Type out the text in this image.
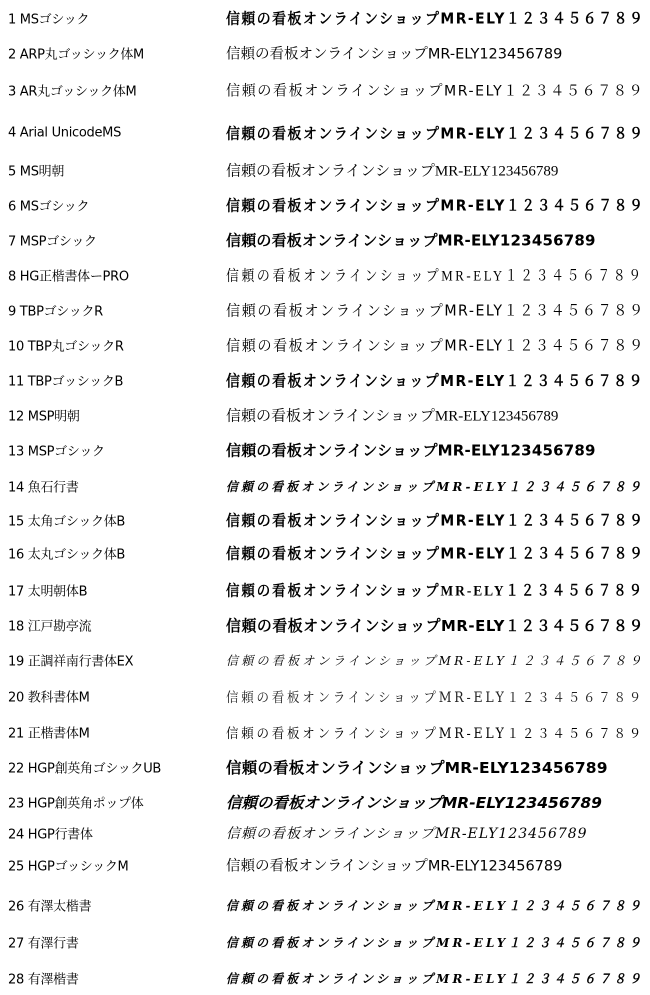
1 MSゴシック	信頼の看板オンラインショップMR-ELY１２３４５６７８９
2 ARP丸ゴッシック体M	信頼の看板オンラインショップMR-ELY123456789
3 AR丸ゴッシック体M	信頼の看板オンラインショップMR-ELY１２３４５６７８９
4 Arial UnicodeMS	信頼の看板オンラインショップMR-ELY１２３４５６７８９
5 MS明朝	信頼の看板オンラインショップMR-ELY123456789
6 MSゴシック	信頼の看板オンラインショップMR-ELY１２３４５６７８９
7 MSPゴシック	信頼の看板オンラインショップMR-ELY123456789
8 HG正楷書体ーPRO	信頼の看板オンラインショップMR-ELY１２３４５６７８９
9 TBPゴシックR	信頼の看板オンラインショップMR-ELY１２３４５６７８９
10 TBP丸ゴシックR	信頼の看板オンラインショップMR-ELY１２３４５６７８９
11 TBPゴッシックB	信頼の看板オンラインショップMR-ELY１２３４５６７８９
12 MSP明朝	信頼の看板オンラインショップMR-ELY123456789
13 MSPゴシック	信頼の看板オンラインショップMR-ELY123456789
14 魚石行書	信頼の看板オンラインショップMR-ELY１２３４５６７８９
15 太角ゴシック体B	信頼の看板オンラインショップMR-ELY１２３４５６７８９
16 太丸ゴシック体B	信頼の看板オンラインショップMR-ELY１２３４５６７８９
17 太明朝体B	信頼の看板オンラインショップMR-ELY１２３４５６７８９
18 江戸勘亭流	信頼の看板オンラインショップMR-ELY１２３４５６７８９
19 正調祥南行書体EX	信頼の看板オンラインショップMR-ELY１２３４５６７８９
20 教科書体M	信頼の看板オンラインショップMR-ELY１２３４５６７８９
21 正楷書体M	信頼の看板オンラインショップMR-ELY１２３４５６７８９
22 HGP創英角ゴシックUB	信頼の看板オンラインショップMR-ELY123456789
23 HGP創英角ポップ体	信頼の看板オンラインショップMR-ELY123456789
24 HGP行書体	信頼の看板オンラインショップMR-ELY123456789
25 HGPゴッシックM	信頼の看板オンラインショップMR-ELY123456789
26 有澤太楷書	信頼の看板オンラインショップMR-ELY１２３４５６７８９
27 有澤行書	信頼の看板オンラインショップMR-ELY１２３４５６７８９
28 有澤楷書	信頼の看板オンラインショップMR-ELY１２３４５６７８９
